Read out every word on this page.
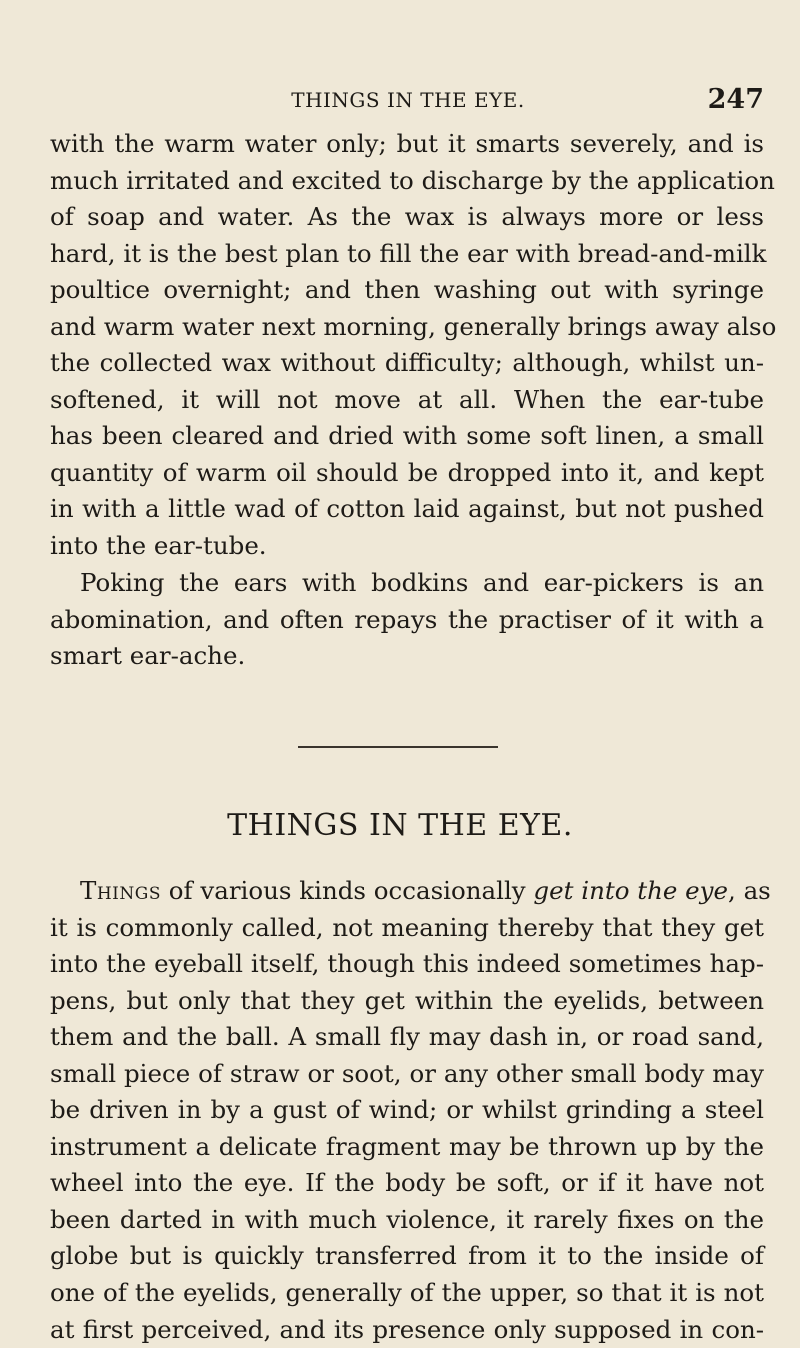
THINGS IN THE EYE.	247
with the warm water only; but it smarts severely, and is
much irritated and excited to discharge by the application
of soap and water. As the wax is always more or less
hard, it is the best plan to fill the ear with bread-and-milk
poultice overnight; and then washing out with syringe
and warm water next morning, generally brings away also
the collected wax without difficulty; although, whilst un-
softened, it will not move at all. When the ear-tube
has been cleared and dried with some soft linen, a small
quantity of warm oil should be dropped into it, and kept
in with a little wad of cotton laid against, but not pushed
into the ear-tube.
Poking the ears with bodkins and ear-pickers is an
abomination, and often repays the practiser of it with a
smart ear-ache.
THINGS IN THE EYE.
Things of various kinds occasionally get into the eye, as
it is commonly called, not meaning thereby that they get
into the eyeball itself, though this indeed sometimes hap-
pens, but only that they get within the eyelids, between
them and the ball. A small fly may dash in, or road sand,
small piece of straw or soot, or any other small body may
be driven in by a gust of wind; or whilst grinding a steel
instrument a delicate fragment may be thrown up by the
wheel into the eye. If the body be soft, or if it have not
been darted in with much violence, it rarely fixes on the
globe but is quickly transferred from it to the inside of
one of the eyelids, generally of the upper, so that it is not
at first perceived, and its presence only supposed in con-
